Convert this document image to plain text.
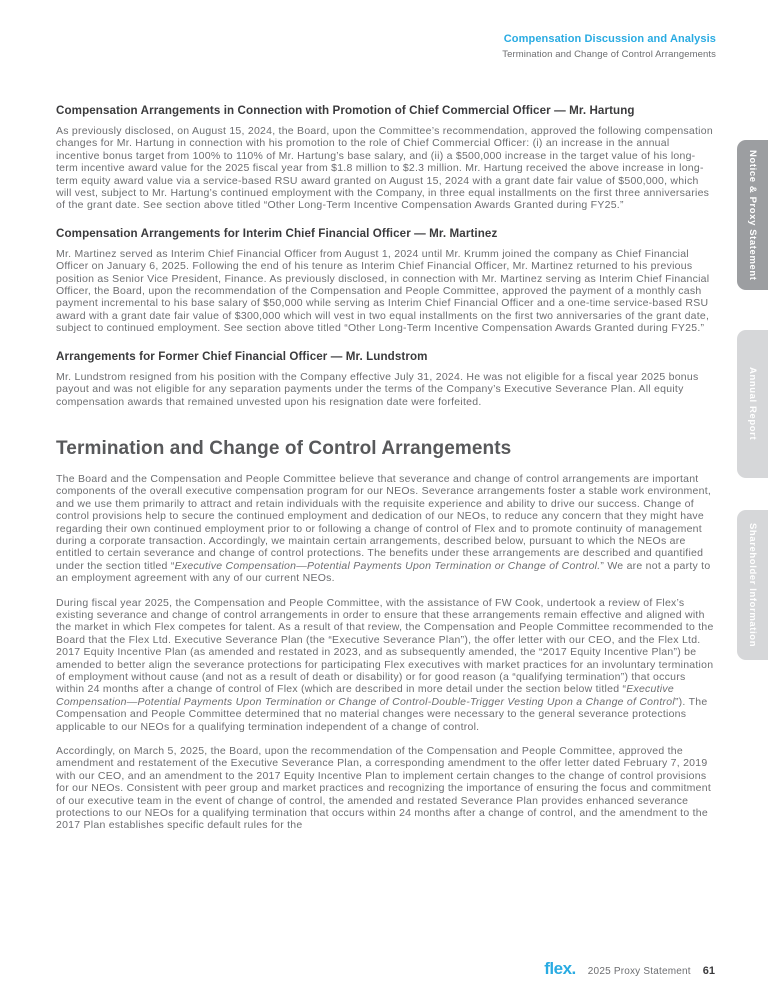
Compensation Discussion and Analysis
Termination and Change of Control Arrangements
Notice & Proxy Statement
Annual Report
Shareholder Information
Compensation Arrangements in Connection with Promotion of Chief Commercial Officer — Mr. Hartung

As previously disclosed, on August 15, 2024, the Board, upon the Committee’s recommendation, approved the following compensation changes for Mr. Hartung in connection with his promotion to the role of Chief Commercial Officer: (i) an increase in the annual incentive bonus target from 100% to 110% of Mr. Hartung’s base salary, and (ii) a $500,000 increase in the target value of his long-term incentive award value for the 2025 fiscal year from $1.8 million to $2.3 million. Mr. Hartung received the above increase in long-term equity award value via a service-based RSU award granted on August 15, 2024 with a grant date fair value of $500,000, which will vest, subject to Mr. Hartung’s continued employment with the Company, in three equal installments on the first three anniversaries of the grant date. See section above titled “Other Long-Term Incentive Compensation Awards Granted during FY25.”

Compensation Arrangements for Interim Chief Financial Officer — Mr. Martinez

Mr. Martinez served as Interim Chief Financial Officer from August 1, 2024 until Mr. Krumm joined the company as Chief Financial Officer on January 6, 2025. Following the end of his tenure as Interim Chief Financial Officer, Mr. Martinez returned to his previous position as Senior Vice President, Finance. As previously disclosed, in connection with Mr. Martinez serving as Interim Chief Financial Officer, the Board, upon the recommendation of the Compensation and People Committee, approved the payment of a monthly cash payment incremental to his base salary of $50,000 while serving as Interim Chief Financial Officer and a one-time service-based RSU award with a grant date fair value of $300,000 which will vest in two equal installments on the first two anniversaries of the grant date, subject to continued employment. See section above titled “Other Long-Term Incentive Compensation Awards Granted during FY25.”

Arrangements for Former Chief Financial Officer — Mr. Lundstrom

Mr. Lundstrom resigned from his position with the Company effective July 31, 2024. He was not eligible for a fiscal year 2025 bonus payout and was not eligible for any separation payments under the terms of the Company’s Executive Severance Plan. All equity compensation awards that remained unvested upon his resignation date were forfeited.

Termination and Change of Control Arrangements

The Board and the Compensation and People Committee believe that severance and change of control arrangements are important components of the overall executive compensation program for our NEOs. Severance arrangements foster a stable work environment, and we use them primarily to attract and retain individuals with the requisite experience and ability to drive our success. Change of control provisions help to secure the continued employment and dedication of our NEOs, to reduce any concern that they might have regarding their own continued employment prior to or following a change of control of Flex and to promote continuity of management during a corporate transaction. Accordingly, we maintain certain arrangements, described below, pursuant to which the NEOs are entitled to certain severance and change of control protections. The benefits under these arrangements are described and quantified under the section titled “Executive Compensation—Potential Payments Upon Termination or Change of Control.” We are not a party to an employment agreement with any of our current NEOs.

During fiscal year 2025, the Compensation and People Committee, with the assistance of FW Cook, undertook a review of Flex’s existing severance and change of control arrangements in order to ensure that these arrangements remain effective and aligned with the market in which Flex competes for talent. As a result of that review, the Compensation and People Committee recommended to the Board that the Flex Ltd. Executive Severance Plan (the “Executive Severance Plan”), the offer letter with our CEO, and the Flex Ltd. 2017 Equity Incentive Plan (as amended and restated in 2023, and as subsequently amended, the “2017 Equity Incentive Plan”) be amended to better align the severance protections for participating Flex executives with market practices for an involuntary termination of employment without cause (and not as a result of death or disability) or for good reason (a “qualifying termination”) that occurs within 24 months after a change of control of Flex (which are described in more detail under the section below titled “Executive Compensation—Potential Payments Upon Termination or Change of Control-Double-Trigger Vesting Upon a Change of Control”). The Compensation and People Committee determined that no material changes were necessary to the general severance protections applicable to our NEOs for a qualifying termination independent of a change of control.

Accordingly, on March 5, 2025, the Board, upon the recommendation of the Compensation and People Committee, approved the amendment and restatement of the Executive Severance Plan, a corresponding amendment to the offer letter dated February 7, 2019 with our CEO, and an amendment to the 2017 Equity Incentive Plan to implement certain changes to the change of control provisions for our NEOs. Consistent with peer group and market practices and recognizing the importance of ensuring the focus and commitment of our executive team in the event of change of control, the amended and restated Severance Plan provides enhanced severance protections to our NEOs for a qualifying termination that occurs within 24 months after a change of control, and the amendment to the 2017 Plan establishes specific default rules for the

flex. 2025 Proxy Statement 61
